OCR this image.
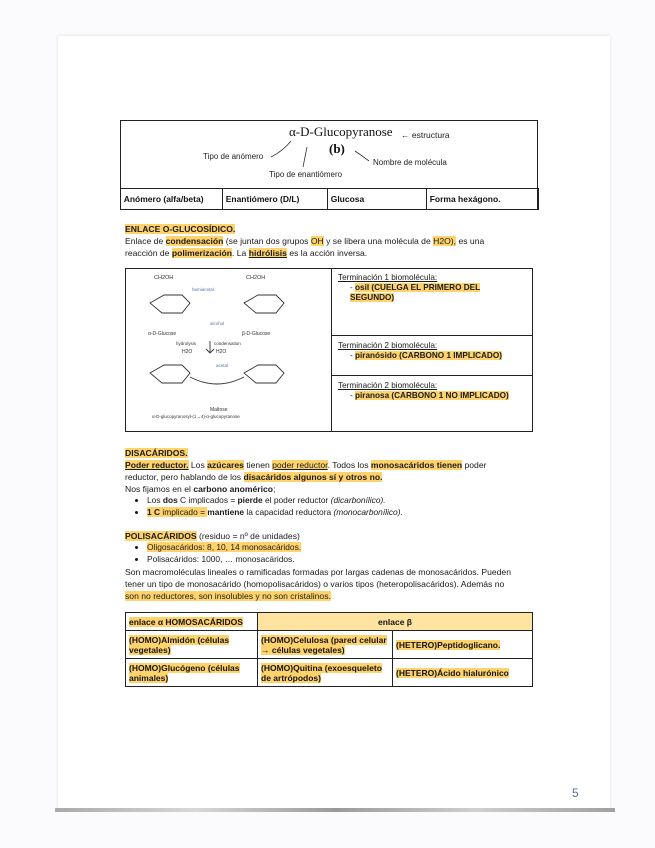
α-D-Glucopyranose ← estructura
(b)
Tipo de anómero
Tipo de enantiómero
Nombre de molécula
Anómero (alfa/beta)	Enantiómero (D/L)	Glucosa	Forma hexágono.
ENLACE O-GLUCOSÍDICO.
Enlace de condensación (se juntan dos grupos OH y se libera una molécula de H2O), es una
reacción de polimerización. La hidrólisis es la acción inversa.
CH2OH	CH2OH
hemiacetal
alcohol
α-D-Glucose	β-D-Glucose
hydrolysis	condensation
H2O	H2O
acetal
Maltose
α-D-glucopyranosyl-(1→4)-α-glucopyranose
Terminación 1 biomolécula:
- osil (CUELGA EL PRIMERO DEL SEGUNDO)
Terminación 2 biomolécula:
- piranósido (CARBONO 1 IMPLICADO)
Terminación 2 biomolécula:
- piranosa (CARBONO 1 NO IMPLICADO)
DISACÁRIDOS.
Poder reductor. Los azúcares tienen poder reductor. Todos los monosacáridos tienen poder
reductor, pero hablando de los disacáridos algunos sí y otros no.
Nos fijamos en el carbono anomérico;
• Los dos C implicados = pierde el poder reductor (dicarbonílico).
• 1 C implicado = mantiene la capacidad reductora (monocarbonílico).
POLISACÁRIDOS (residuo = nº de unidades)
• Oligosacáridos: 8, 10, 14 monosacáridos.
• Polisacáridos: 1000, … monosacáridos.
Son macromoléculas lineales o ramificadas formadas por largas cadenas de monosacáridos. Pueden
tener un tipo de monosacárido (homopolisacáridos) o varios tipos (heteropolisacáridos). Además no
son no reductores, son insolubles y no son cristalinos.
enlace α HOMOSACÁRIDOS	enlace β	
(HOMO)Almidón (células vegetales)	(HOMO)Celulosa (pared celular → células vegetales)	(HETERO)Peptidoglicano.
(HOMO)Glucógeno (células animales)	(HOMO)Quitina (exoesqueleto de artrópodos)	(HETERO)Ácido hialurónico
5
